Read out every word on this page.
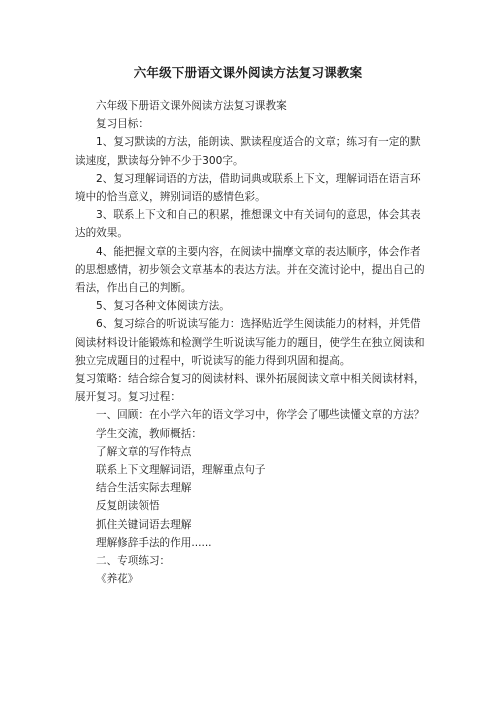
六年级下册语文课外阅读方法复习课教案

六年级下册语文课外阅读方法复习课教案

复习目标：

1、复习默读的方法，能朗读、默读程度适合的文章；练习有一定的默读速度，默读每分钟不少于300字。

2、复习理解词语的方法，借助词典或联系上下文，理解词语在语言环境中的恰当意义，辨别词语的感情色彩。

3、联系上下文和自己的积累，推想课文中有关词句的意思，体会其表达的效果。

4、能把握文章的主要内容，在阅读中揣摩文章的表达顺序，体会作者的思想感情，初步领会文章基本的表达方法。并在交流讨论中，提出自己的看法，作出自己的判断。

5、复习各种文体阅读方法。

6、复习综合的听说读写能力：选择贴近学生阅读能力的材料，并凭借阅读材料设计能锻炼和检测学生听说读写能力的题目，使学生在独立阅读和独立完成题目的过程中，听说读写的能力得到巩固和提高。

复习策略：结合综合复习的阅读材料、课外拓展阅读文章中相关阅读材料，展开复习。复习过程：

一、回顾：在小学六年的语文学习中，你学会了哪些读懂文章的方法？

学生交流，教师概括：

了解文章的写作特点

联系上下文理解词语，理解重点句子

结合生活实际去理解

反复朗读领悟

抓住关键词语去理解

理解修辞手法的作用......

二、专项练习：

《养花》
